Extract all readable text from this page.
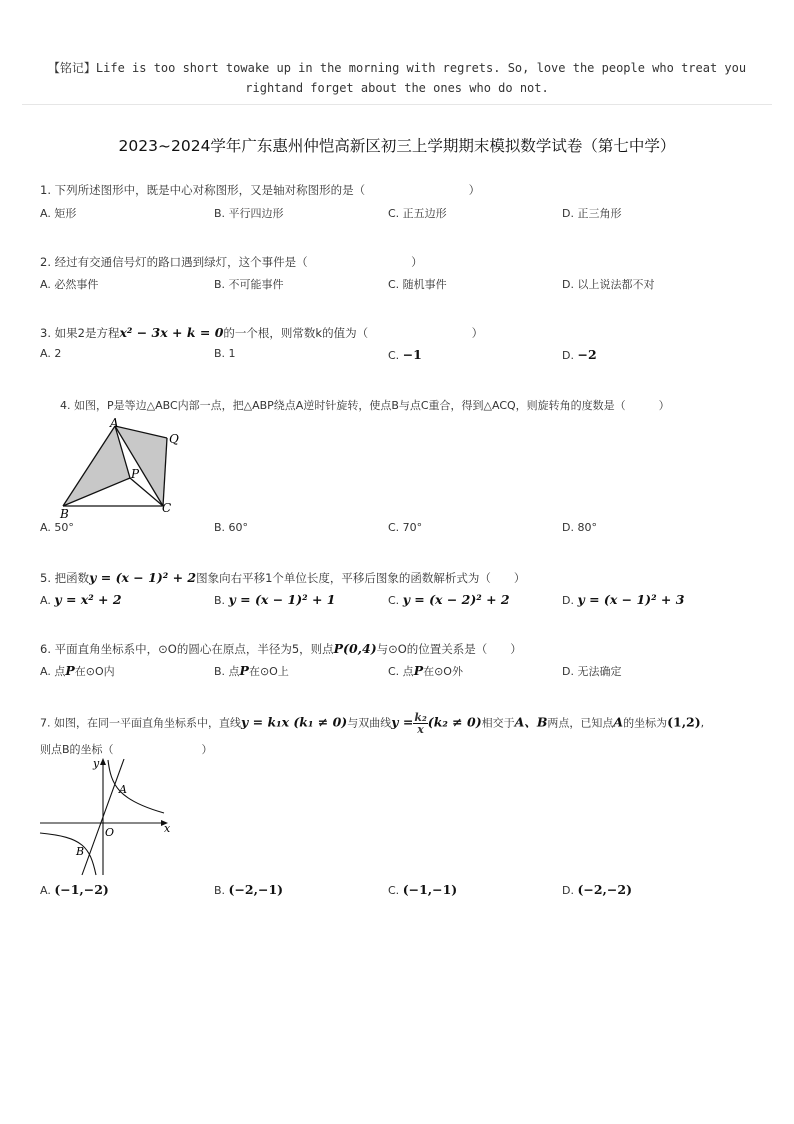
【铭记】Life is too short towake up in the morning with regrets. So, love the people who treat you
rightand forget about the ones who do not.
2023~2024学年广东惠州仲恺高新区初三上学期期末模拟数学试卷（第七中学）
1. 下列所述图形中，既是中心对称图形，又是轴对称图形的是（　　　　　　　　　）
A. 矩形	B. 平行四边形	C. 正五边形	D. 正三角形
2. 经过有交通信号灯的路口遇到绿灯，这个事件是（　　　　　　　　　）
A. 必然事件	B. 不可能事件	C. 随机事件	D. 以上说法都不对
3. 如果2是方程x² − 3x + k = 0的一个根，则常数k的值为（　　　　　　　　　）
A. 2	B. 1	C. −1	D. −2
4. 如图，P是等边△ABC内部一点，把△ABP绕点A逆时针旋转，使点B与点C重合，得到△ACQ，则旋转角的度数是（　　　）
A
Q
P
B	C
A. 50°	B. 60°	C. 70°	D. 80°
5. 把函数y = (x − 1)² + 2图象向右平移1个单位长度，平移后图象的函数解析式为（　　）
A. y = x² + 2	B. y = (x − 1)² + 1	C. y = (x − 2)² + 2	D. y = (x − 1)² + 3
6. 平面直角坐标系中，⊙O的圆心在原点，半径为5，则点P(0,4)与⊙O的位置关系是（　　）
A. 点P在⊙O内	B. 点P在⊙O上	C. 点P在⊙O外	D. 无法确定
7. 如图，在同一平面直角坐标系中，直线y = k₁x (k₁ ≠ 0)与双曲线$y = \frac{\text{k₂}}{x}(k_2 \ne 0)$相交于A、B两点，已知点A的坐标为(1,2),
则点B的坐标（　　　　　　　　）
y
x
O
A
B
A. (−1,−2)	B. (−2,−1)	C. (−1,−1)	D. (−2,−2)
